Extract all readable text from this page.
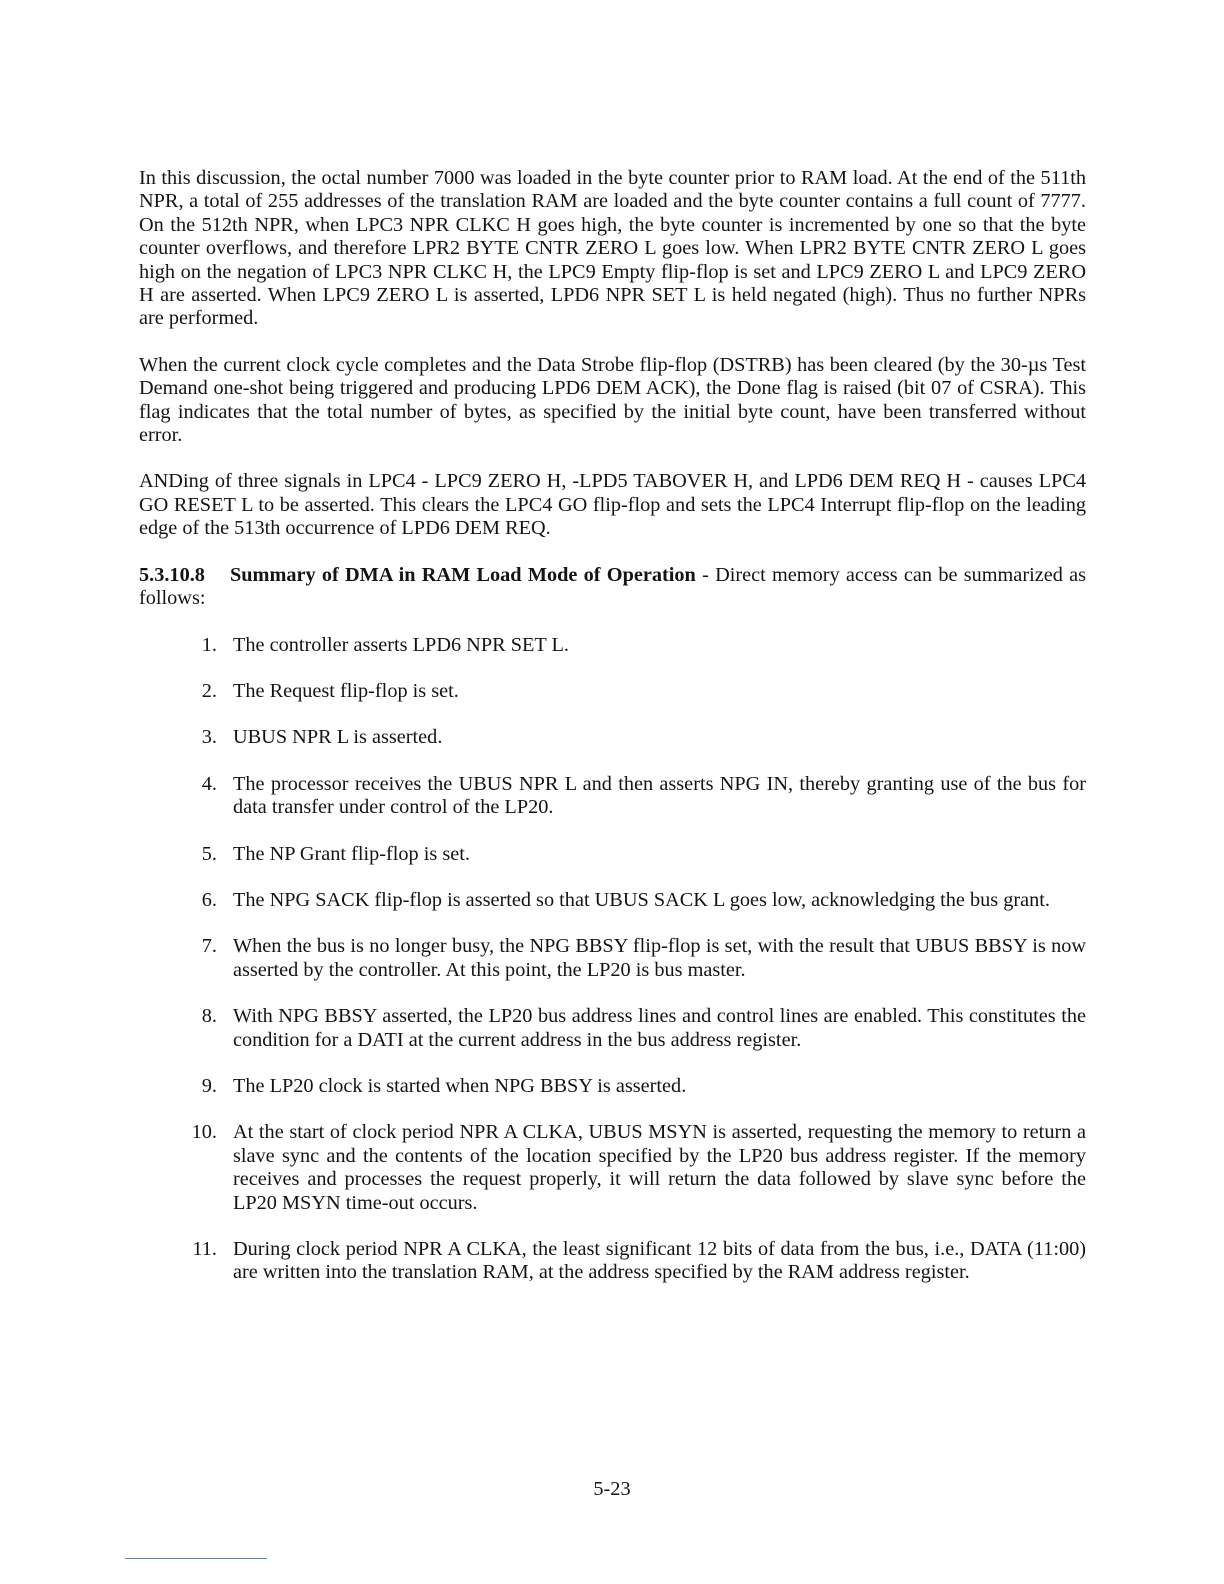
In this discussion, the octal number 7000 was loaded in the byte counter prior to RAM load. At the end of the 511th NPR, a total of 255 addresses of the translation RAM are loaded and the byte counter contains a full count of 7777. On the 512th NPR, when LPC3 NPR CLKC H goes high, the byte counter is incremented by one so that the byte counter overflows, and therefore LPR2 BYTE CNTR ZERO L goes low. When LPR2 BYTE CNTR ZERO L goes high on the negation of LPC3 NPR CLKC H, the LPC9 Empty flip-flop is set and LPC9 ZERO L and LPC9 ZERO H are asserted. When LPC9 ZERO L is asserted, LPD6 NPR SET L is held negated (high). Thus no further NPRs are performed.

When the current clock cycle completes and the Data Strobe flip-flop (DSTRB) has been cleared (by the 30-µs Test Demand one-shot being triggered and producing LPD6 DEM ACK), the Done flag is raised (bit 07 of CSRA). This flag indicates that the total number of bytes, as specified by the initial byte count, have been transferred without error.

ANDing of three signals in LPC4 - LPC9 ZERO H, -LPD5 TABOVER H, and LPD6 DEM REQ H - causes LPC4 GO RESET L to be asserted. This clears the LPC4 GO flip-flop and sets the LPC4 Interrupt flip-flop on the leading edge of the 513th occurrence of LPD6 DEM REQ.

5.3.10.8 Summary of DMA in RAM Load Mode of Operation - Direct memory access can be summarized as follows:

1. The controller asserts LPD6 NPR SET L.
2. The Request flip-flop is set.
3. UBUS NPR L is asserted.
4. The processor receives the UBUS NPR L and then asserts NPG IN, thereby granting use of the bus for data transfer under control of the LP20.
5. The NP Grant flip-flop is set.
6. The NPG SACK flip-flop is asserted so that UBUS SACK L goes low, acknowledging the bus grant.
7. When the bus is no longer busy, the NPG BBSY flip-flop is set, with the result that UBUS BBSY is now asserted by the controller. At this point, the LP20 is bus master.
8. With NPG BBSY asserted, the LP20 bus address lines and control lines are enabled. This constitutes the condition for a DATI at the current address in the bus address register.
9. The LP20 clock is started when NPG BBSY is asserted.
10. At the start of clock period NPR A CLKA, UBUS MSYN is asserted, requesting the memory to return a slave sync and the contents of the location specified by the LP20 bus address register. If the memory receives and processes the request properly, it will return the data followed by slave sync before the LP20 MSYN time-out occurs.
11. During clock period NPR A CLKA, the least significant 12 bits of data from the bus, i.e., DATA (11:00) are written into the translation RAM, at the address specified by the RAM address register.
5-23
